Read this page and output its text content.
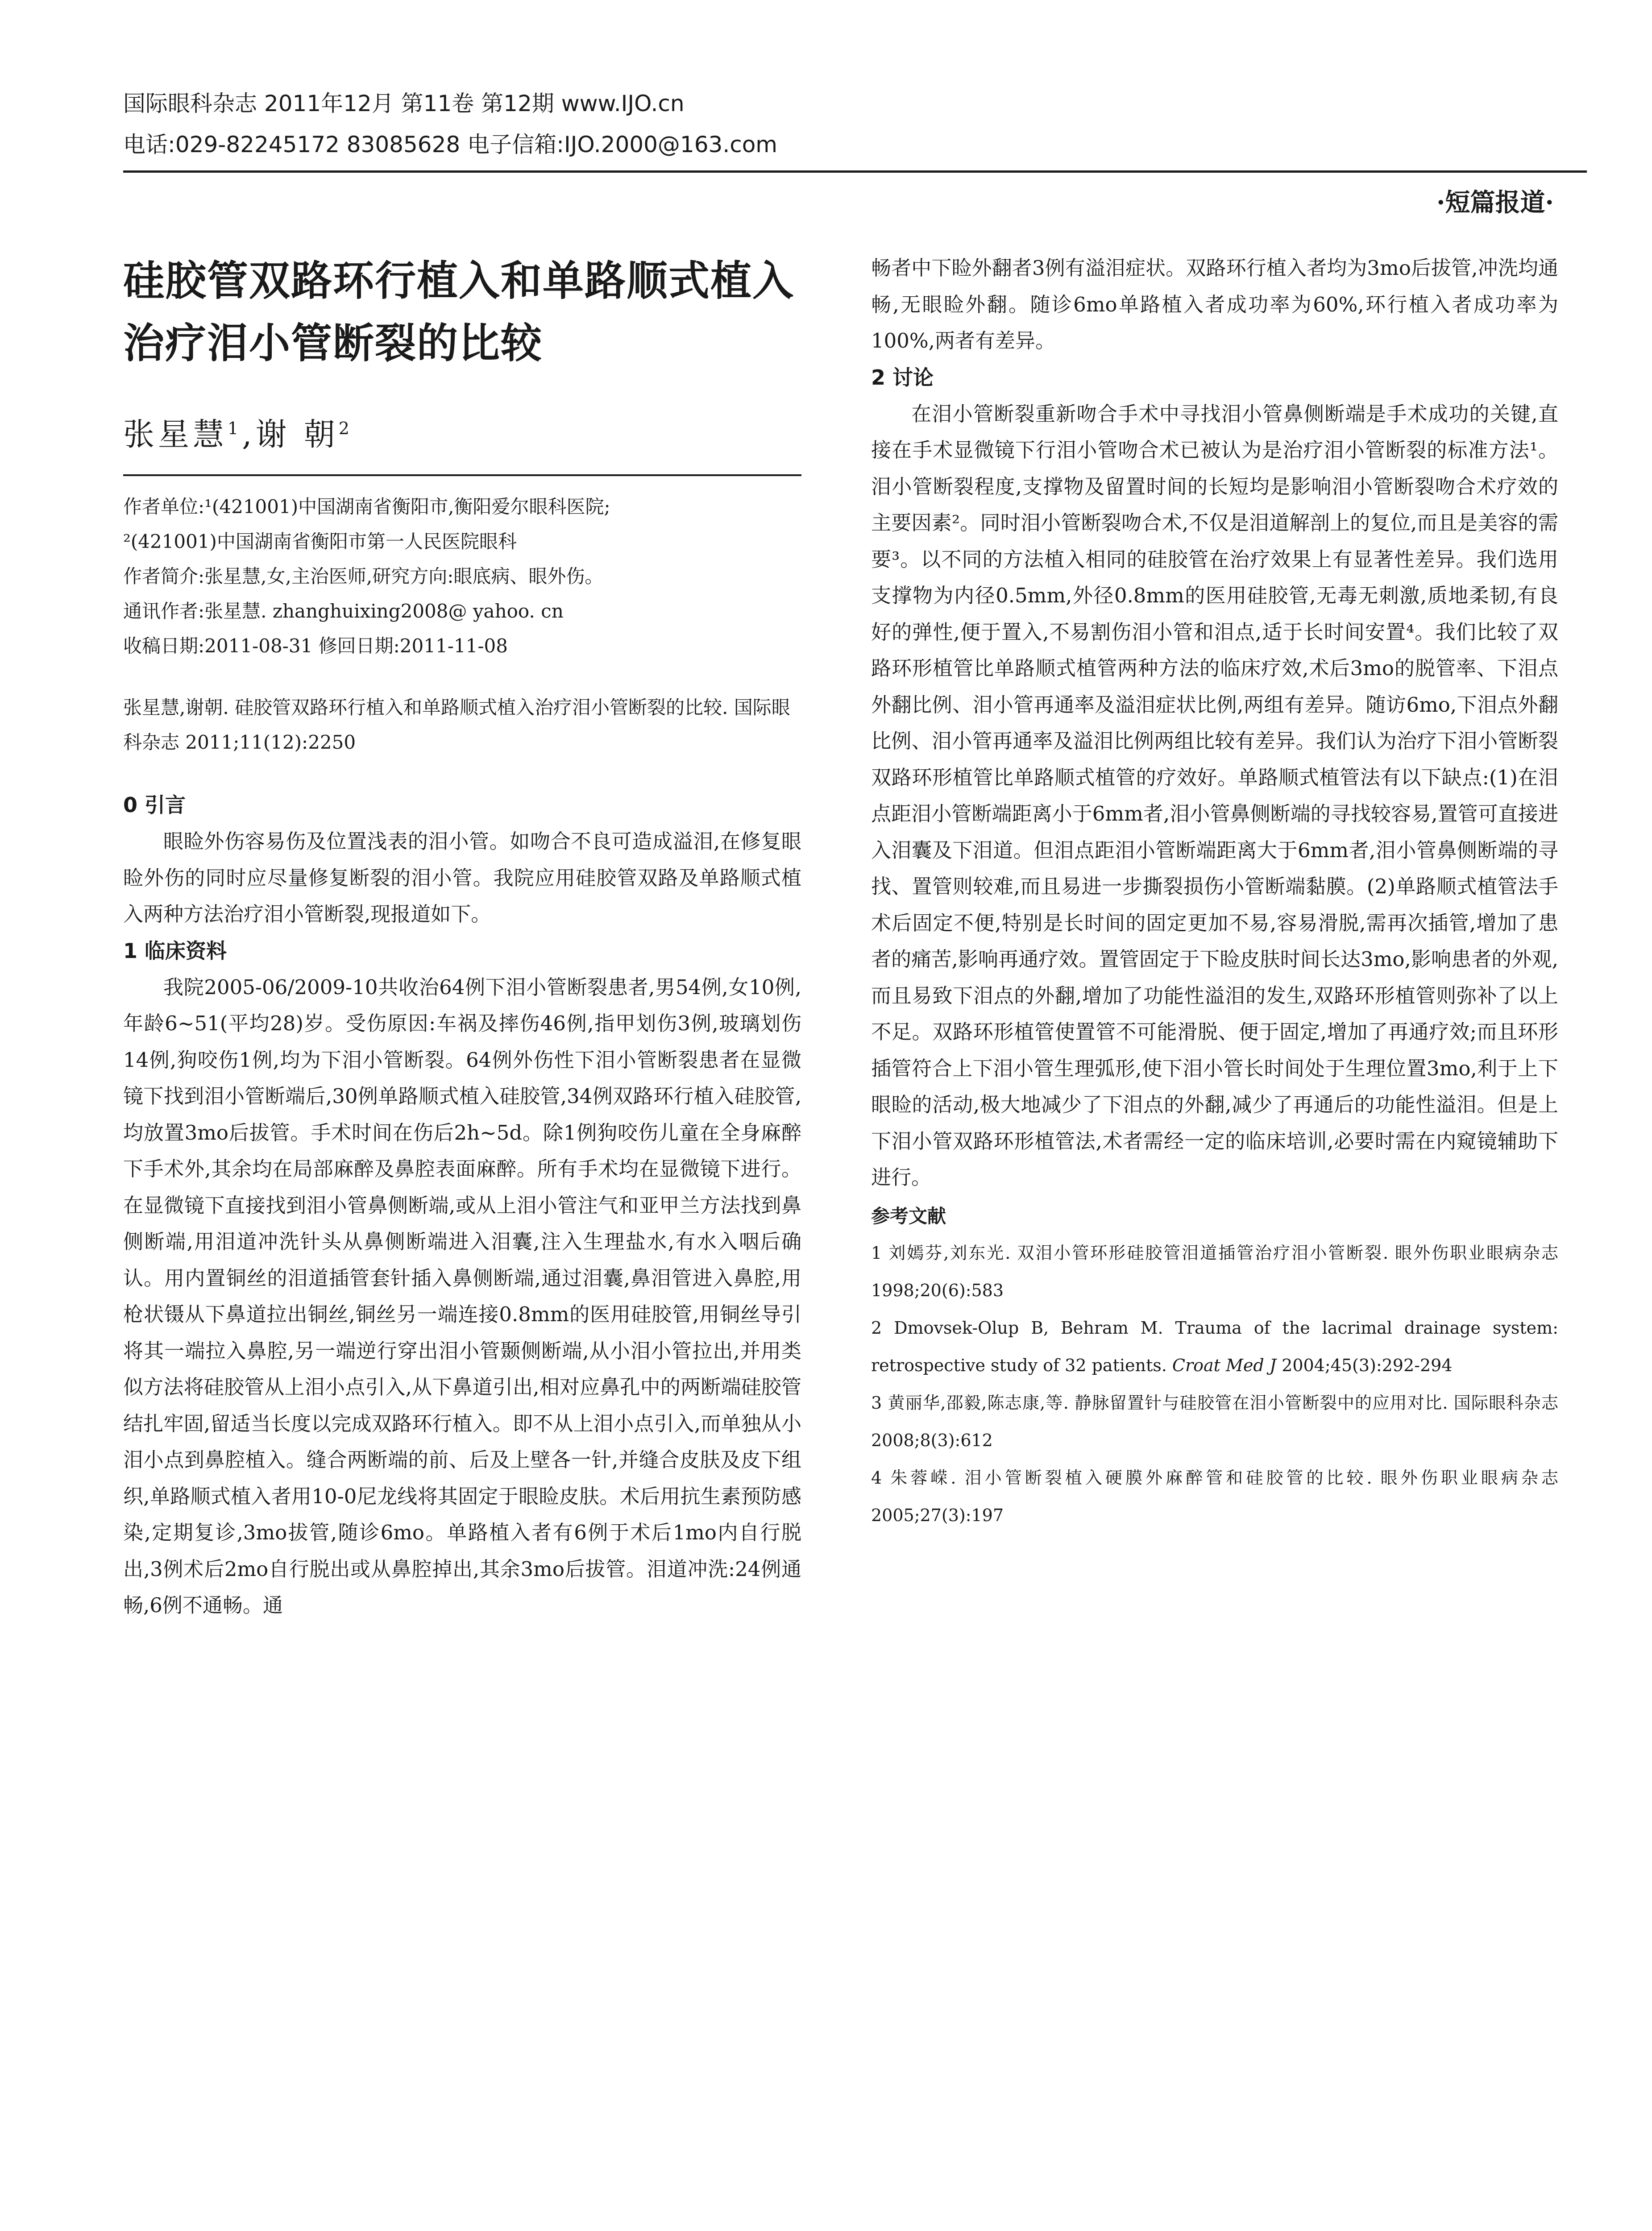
国际眼科杂志 2011年12月 第11卷 第12期 www.IJO.cn
电话:029-82245172 83085628 电子信箱:IJO.2000@163.com
·短篇报道·
硅胶管双路环行植入和单路顺式植入治疗泪小管断裂的比较
张星慧$^1$,谢 朝$^2$
作者单位:¹(421001)中国湖南省衡阳市,衡阳爱尔眼科医院;
²(421001)中国湖南省衡阳市第一人民医院眼科
作者简介:张星慧,女,主治医师,研究方向:眼底病、眼外伤。
通讯作者:张星慧. zhanghuixing2008@ yahoo. cn
收稿日期:2011-08-31 修回日期:2011-11-08
张星慧,谢朝. 硅胶管双路环行植入和单路顺式植入治疗泪小管断裂的比较. 国际眼科杂志 2011;11(12):2250
0 引言

眼睑外伤容易伤及位置浅表的泪小管。如吻合不良可造成溢泪,在修复眼睑外伤的同时应尽量修复断裂的泪小管。我院应用硅胶管双路及单路顺式植入两种方法治疗泪小管断裂,现报道如下。

1 临床资料

我院2005-06/2009-10共收治64例下泪小管断裂患者,男54例,女10例,年龄6~51(平均28)岁。受伤原因:车祸及摔伤46例,指甲划伤3例,玻璃划伤14例,狗咬伤1例,均为下泪小管断裂。64例外伤性下泪小管断裂患者在显微镜下找到泪小管断端后,30例单路顺式植入硅胶管,34例双路环行植入硅胶管,均放置3mo后拔管。手术时间在伤后2h~5d。除1例狗咬伤儿童在全身麻醉下手术外,其余均在局部麻醉及鼻腔表面麻醉。所有手术均在显微镜下进行。在显微镜下直接找到泪小管鼻侧断端,或从上泪小管注气和亚甲兰方法找到鼻侧断端,用泪道冲洗针头从鼻侧断端进入泪囊,注入生理盐水,有水入咽后确认。用内置铜丝的泪道插管套针插入鼻侧断端,通过泪囊,鼻泪管进入鼻腔,用枪状镊从下鼻道拉出铜丝,铜丝另一端连接0.8mm的医用硅胶管,用铜丝导引将其一端拉入鼻腔,另一端逆行穿出泪小管颞侧断端,从小泪小管拉出,并用类似方法将硅胶管从上泪小点引入,从下鼻道引出,相对应鼻孔中的两断端硅胶管结扎牢固,留适当长度以完成双路环行植入。即不从上泪小点引入,而单独从小泪小点到鼻腔植入。缝合两断端的前、后及上壁各一针,并缝合皮肤及皮下组织,单路顺式植入者用10-0尼龙线将其固定于眼睑皮肤。术后用抗生素预防感染,定期复诊,3mo拔管,随诊6mo。单路植入者有6例于术后1mo内自行脱出,3例术后2mo自行脱出或从鼻腔掉出,其余3mo后拔管。泪道冲洗:24例通畅,6例不通畅。通

畅者中下睑外翻者3例有溢泪症状。双路环行植入者均为3mo后拔管,冲洗均通畅,无眼睑外翻。随诊6mo单路植入者成功率为60%,环行植入者成功率为100%,两者有差异。

2 讨论

在泪小管断裂重新吻合手术中寻找泪小管鼻侧断端是手术成功的关键,直接在手术显微镜下行泪小管吻合术已被认为是治疗泪小管断裂的标准方法¹。泪小管断裂程度,支撑物及留置时间的长短均是影响泪小管断裂吻合术疗效的主要因素²。同时泪小管断裂吻合术,不仅是泪道解剖上的复位,而且是美容的需要³。以不同的方法植入相同的硅胶管在治疗效果上有显著性差异。我们选用支撑物为内径0.5mm,外径0.8mm的医用硅胶管,无毒无刺激,质地柔韧,有良好的弹性,便于置入,不易割伤泪小管和泪点,适于长时间安置⁴。我们比较了双路环形植管比单路顺式植管两种方法的临床疗效,术后3mo的脱管率、下泪点外翻比例、泪小管再通率及溢泪症状比例,两组有差异。随访6mo,下泪点外翻比例、泪小管再通率及溢泪比例两组比较有差异。我们认为治疗下泪小管断裂双路环形植管比单路顺式植管的疗效好。单路顺式植管法有以下缺点:(1)在泪点距泪小管断端距离小于6mm者,泪小管鼻侧断端的寻找较容易,置管可直接进入泪囊及下泪道。但泪点距泪小管断端距离大于6mm者,泪小管鼻侧断端的寻找、置管则较难,而且易进一步撕裂损伤小管断端黏膜。(2)单路顺式植管法手术后固定不便,特别是长时间的固定更加不易,容易滑脱,需再次插管,增加了患者的痛苦,影响再通疗效。置管固定于下睑皮肤时间长达3mo,影响患者的外观,而且易致下泪点的外翻,增加了功能性溢泪的发生,双路环形植管则弥补了以上不足。双路环形植管使置管不可能滑脱、便于固定,增加了再通疗效;而且环形插管符合上下泪小管生理弧形,使下泪小管长时间处于生理位置3mo,利于上下眼睑的活动,极大地减少了下泪点的外翻,减少了再通后的功能性溢泪。但是上下泪小管双路环形植管法,术者需经一定的临床培训,必要时需在内窥镜辅助下进行。

参考文献
1 刘嫣芬,刘东光. 双泪小管环形硅胶管泪道插管治疗泪小管断裂. 眼外伤职业眼病杂志 1998;20(6):583
2 Dmovsek-Olup B, Behram M. Trauma of the lacrimal drainage system: retrospective study of 32 patients. Croat Med J 2004;45(3):292-294
3 黄丽华,邵毅,陈志康,等. 静脉留置针与硅胶管在泪小管断裂中的应用对比. 国际眼科杂志 2008;8(3):612
4 朱蓉嵘. 泪小管断裂植入硬膜外麻醉管和硅胶管的比较. 眼外伤职业眼病杂志 2005;27(3):197
